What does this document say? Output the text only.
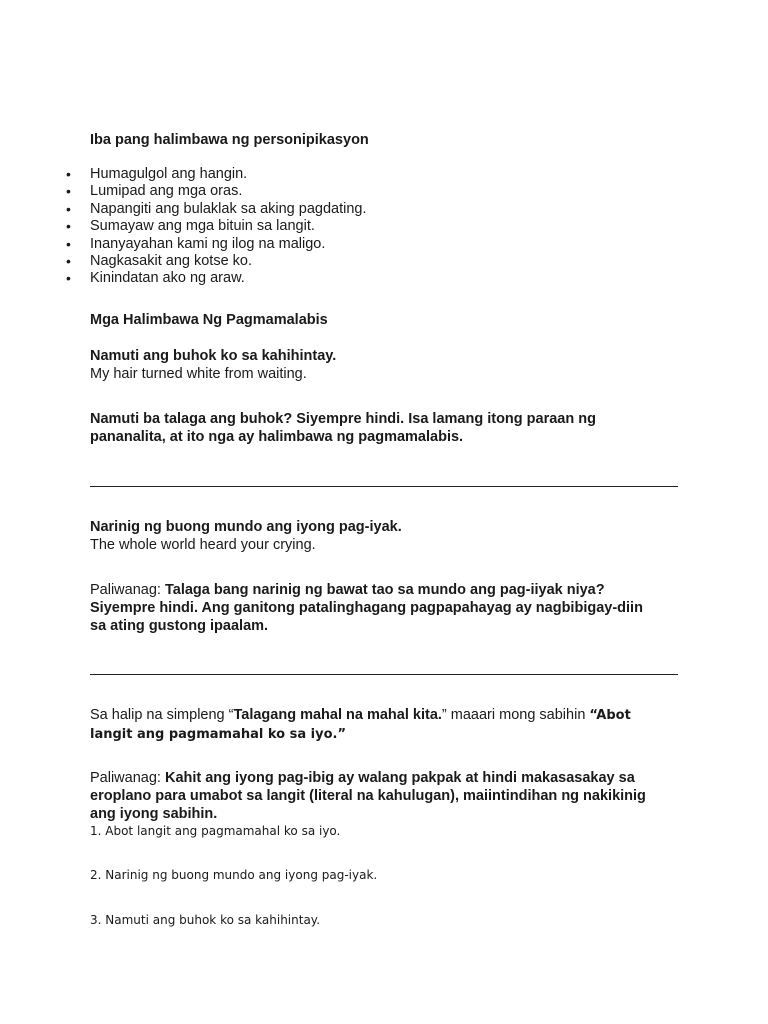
Iba pang halimbawa ng personipikasyon

• Humagulgol ang hangin.
• Lumipad ang mga oras.
• Napangiti ang bulaklak sa aking pagdating.
• Sumayaw ang mga bituin sa langit.
• Inanyayahan kami ng ilog na maligo.
• Nagkasakit ang kotse ko.
• Kinindatan ako ng araw.

Mga Halimbawa Ng Pagmamalabis

Namuti ang buhok ko sa kahihintay.

My hair turned white from waiting.

Namuti ba talaga ang buhok? Siyempre hindi. Isa lamang itong paraan ng

pananalita, at ito nga ay halimbawa ng pagmamalabis.

Narinig ng buong mundo ang iyong pag-iyak.

The whole world heard your crying.

Paliwanag: Talaga bang narinig ng bawat tao sa mundo ang pag-iiyak niya?

Siyempre hindi. Ang ganitong patalinghagang pagpapahayag ay nagbibigay-diin

sa ating gustong ipaalam.

Sa halip na simpleng “Talagang mahal na mahal kita.” maaari mong sabihin “Abot

langit ang pagmamahal ko sa iyo.”

Paliwanag: Kahit ang iyong pag-ibig ay walang pakpak at hindi makasasakay sa

eroplano para umabot sa langit (literal na kahulugan), maiintindihan ng nakikinig

ang iyong sabihin.

1. Abot langit ang pagmamahal ko sa iyo.

2. Narinig ng buong mundo ang iyong pag-iyak.

3. Namuti ang buhok ko sa kahihintay.
